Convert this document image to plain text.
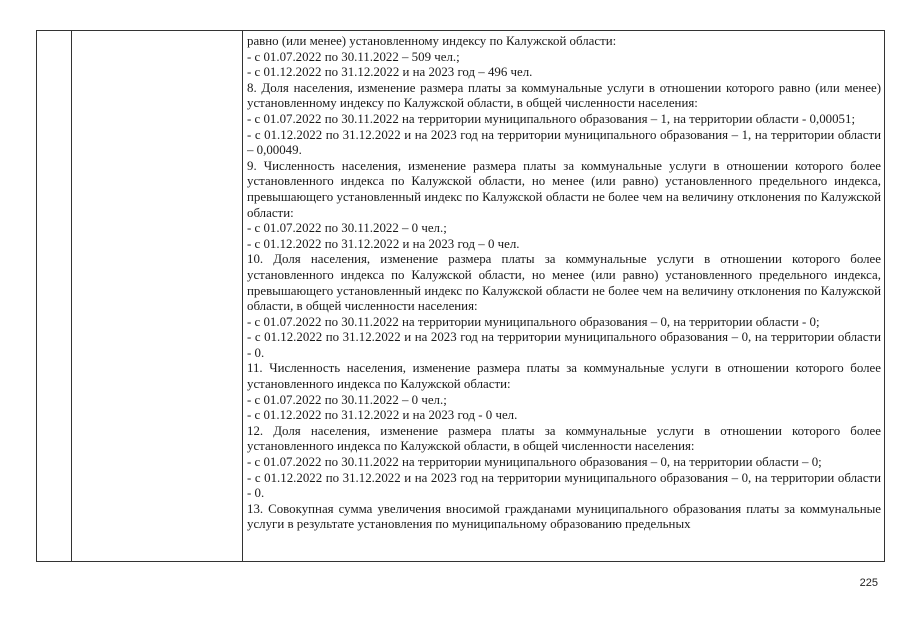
равно (или менее) установленному индексу по Калужской области:

- с 01.07.2022 по 30.11.2022 – 509 чел.;

- с 01.12.2022 по 31.12.2022 и на 2023 год – 496 чел.

8. Доля населения, изменение размера платы за коммунальные услуги в отношении которого равно (или менее) установленному индексу по Калужской области, в общей численности населения:

- с 01.07.2022 по 30.11.2022 на территории муниципального образования – 1, на территории области - 0,00051;

- с 01.12.2022 по 31.12.2022 и на 2023 год на территории муниципального образования – 1, на территории области – 0,00049.

9. Численность населения, изменение размера платы за коммунальные услуги в отношении которого более установленного индекса по Калужской области, но менее (или равно) установленного предельного индекса, превышающего установленный индекс по Калужской области не более чем на величину отклонения по Калужской области:

- с 01.07.2022 по 30.11.2022 – 0 чел.;

- с 01.12.2022 по 31.12.2022 и на 2023 год – 0 чел.

10. Доля населения, изменение размера платы за коммунальные услуги в отношении которого более установленного индекса по Калужской области, но менее (или равно) установленного предельного индекса, превышающего установленный индекс по Калужской области не более чем на величину отклонения по Калужской области, в общей численности населения:

- с 01.07.2022 по 30.11.2022 на территории муниципального образования – 0, на территории области - 0;

- с 01.12.2022 по 31.12.2022 и на 2023 год на территории муниципального образования – 0, на территории области - 0.

11. Численность населения, изменение размера платы за коммунальные услуги в отношении которого более установленного индекса по Калужской области:

- с 01.07.2022 по 30.11.2022 – 0 чел.;

- с 01.12.2022 по 31.12.2022 и на 2023 год - 0 чел.

12. Доля населения, изменение размера платы за коммунальные услуги в отношении которого более установленного индекса по Калужской области, в общей численности населения:

- с 01.07.2022 по 30.11.2022 на территории муниципального образования – 0, на территории области – 0;

- с 01.12.2022 по 31.12.2022 и на 2023 год на территории муниципального образования – 0, на территории области - 0.

13. Совокупная сумма увеличения вносимой гражданами муниципального образования платы за коммунальные услуги в результате установления по муниципальному образованию предельных

225
